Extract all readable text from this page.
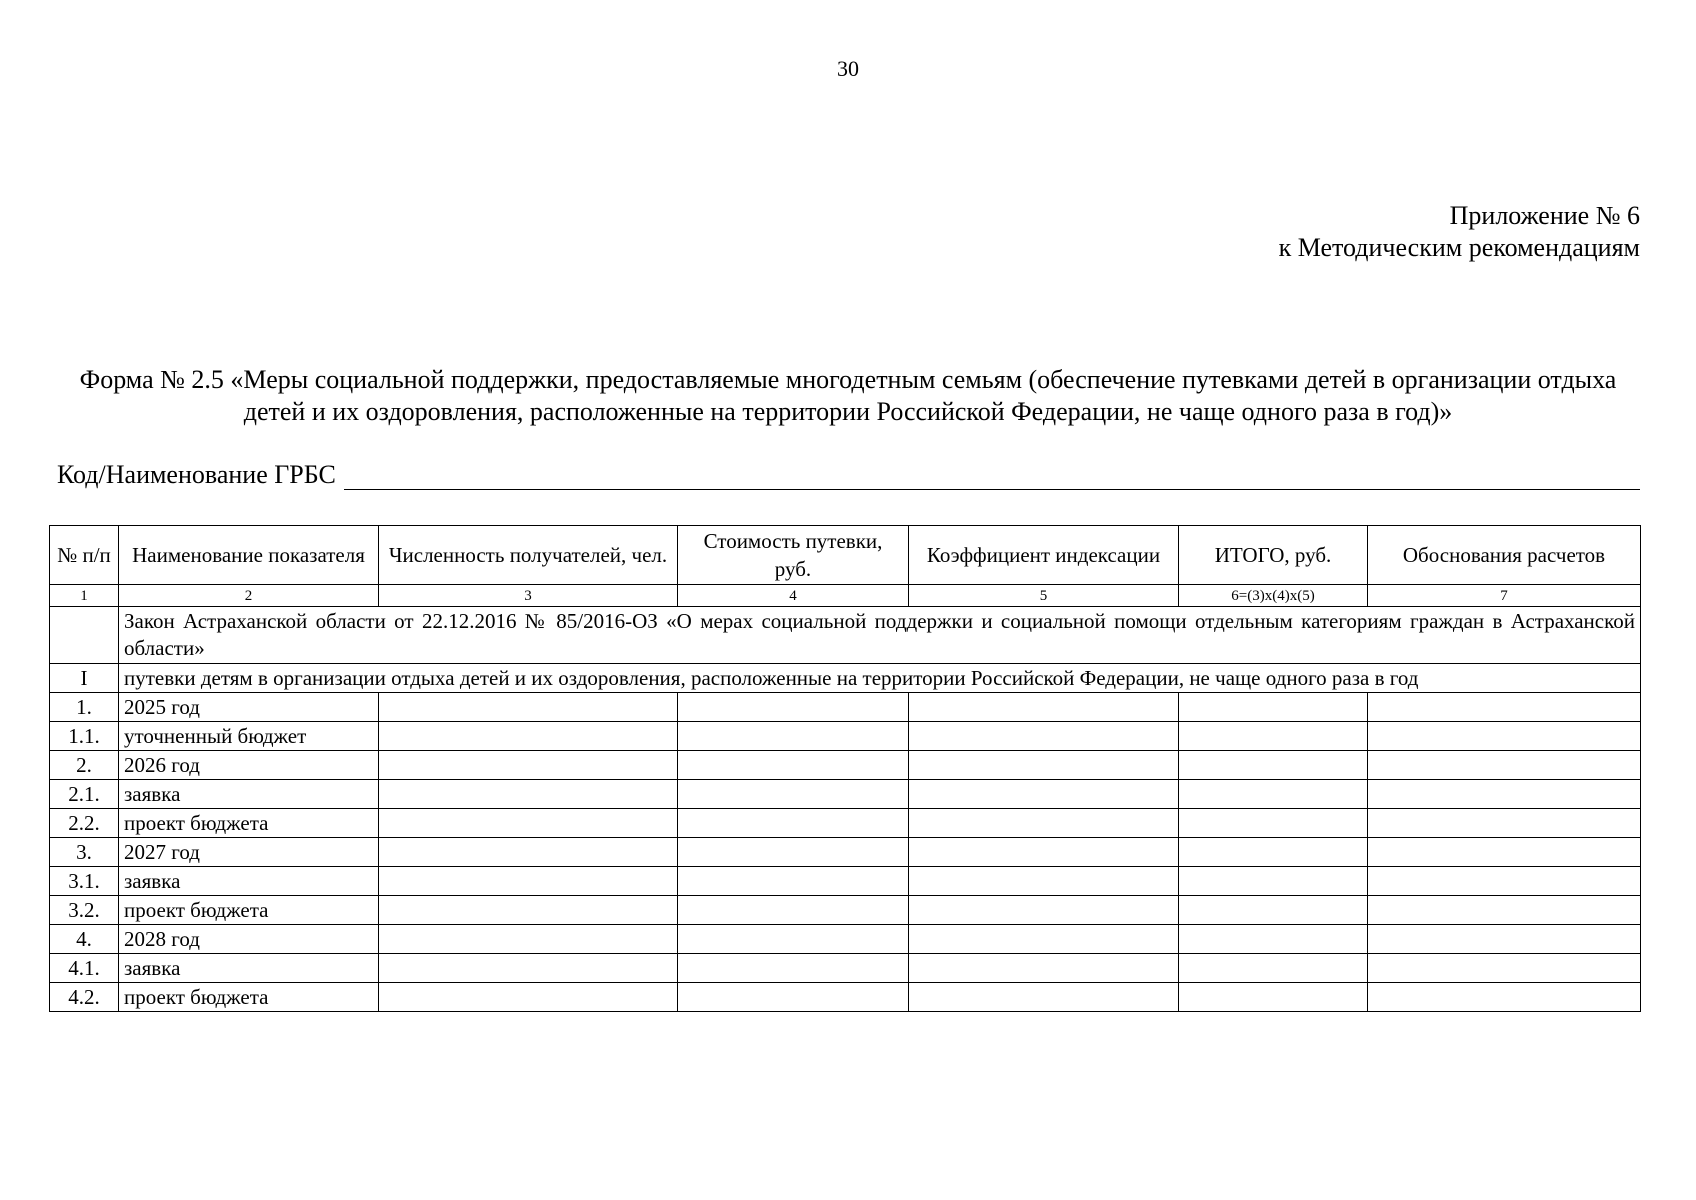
30
Приложение № 6
к Методическим рекомендациям
Форма № 2.5 «Меры социальной поддержки, предоставляемые многодетным семьям (обеспечение путевками детей в организации отдыха детей и их оздоровления, расположенные на территории Российской Федерации, не чаще одного раза в год)»
Код/Наименование ГРБС
№ п/п	Наименование показателя	Численность получателей, чел.	Стоимость путевки, руб.	Коэффициент индексации	ИТОГО, руб.	Обоснования расчетов
1	2	3	4	5	6=(3)х(4)х(5)	7
	Закон Астраханской области от 22.12.2016 № 85/2016-ОЗ «О мерах социальной поддержки и социальной помощи отдельным категориям граждан в Астраханской области»					
I	путевки детям в организации отдыха детей и их оздоровления, расположенные на территории Российской Федерации, не чаще одного раза в год					
1.	2025 год					
1.1.	уточненный бюджет					
2.	2026 год					
2.1.	заявка					
2.2.	проект бюджета					
3.	2027 год					
3.1.	заявка					
3.2.	проект бюджета					
4.	2028 год					
4.1.	заявка					
4.2.	проект бюджета					
